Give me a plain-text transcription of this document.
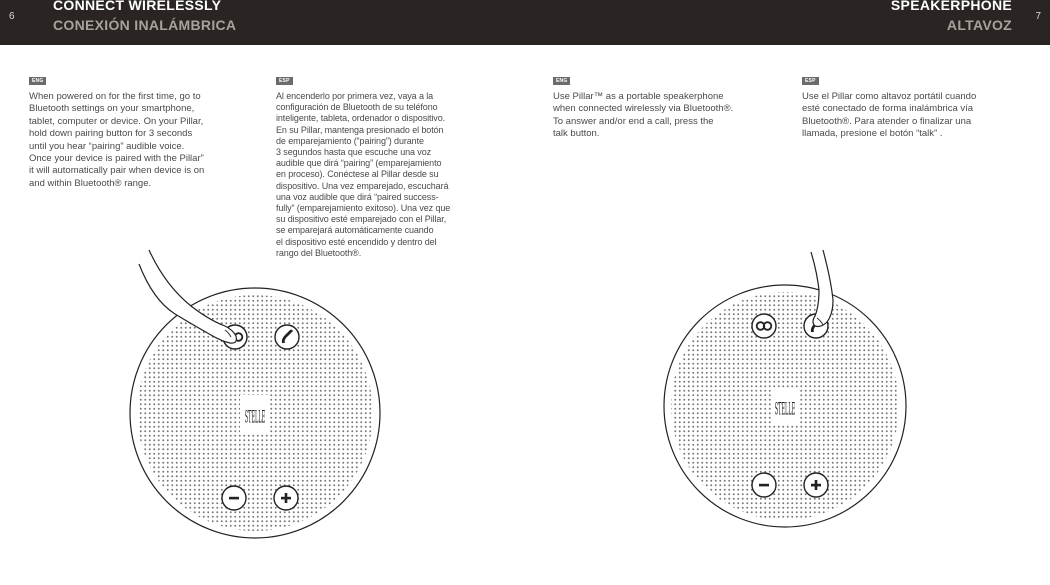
6
CONNECT WIRELESSLY
CONEXIÓN INALÁMBRICA
SPEAKERPHONE
ALTAVOZ
7
ENG
When powered on for the first time, go to
Bluetooth settings on your smartphone,
tablet, computer or device. On your Pillar,
hold down pairing button for 3 seconds
until you hear “pairing” audible voice.
Once your device is paired with the Pillar”
it will automatically pair when device is on
and within Bluetooth® range.
ESP
Al encenderlo por primera vez, vaya a la
configuración de Bluetooth de su teléfono
inteligente, tableta, ordenador o dispositivo.
En su Pillar, mantenga presionado el botón
de emparejamiento (“pairing”) durante
3 segundos hasta que escuche una voz
audible que dirá “pairing” (emparejamiento
en proceso). Conéctese al Pillar desde su
dispositivo. Una vez emparejado, escuchará
una voz audible que dirá “paired success-
fully” (emparejamiento exitoso). Una vez que
su dispositivo esté emparejado con el Pillar,
se emparejará automáticamente cuando
el dispositivo esté encendido y dentro del
rango del Bluetooth®.
ENG
Use Pillar™ as a portable speakerphone
when connected wirelessly via Bluetooth®.
To answer and/or end a call, press the
talk button.
ESP
Use el Pillar como altavoz portátil cuando
esté conectado de forma inalámbrica vía
Bluetooth®. Para atender o finalizar una
llamada, presione el botón “talk” .
STELLE	STELLE
